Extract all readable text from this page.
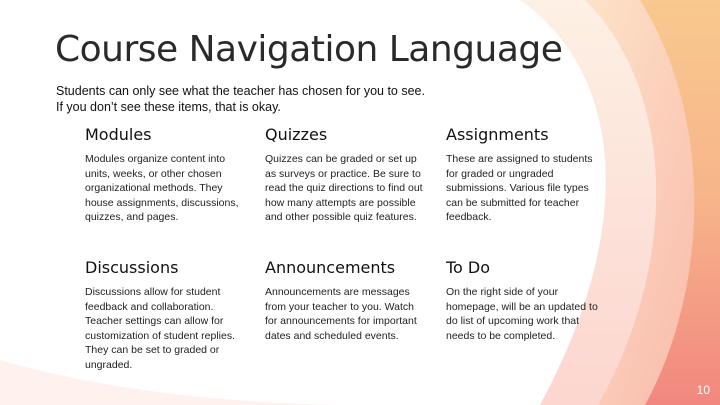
Course Navigation Language
Students can only see what the teacher has chosen for you to see.
If you don’t see these items, that is okay.
Modules

Modules organize content into units, weeks, or other chosen organizational methods. They house assignments, discussions, quizzes, and pages.

Quizzes

Quizzes can be graded or set up as surveys or practice. Be sure to read the quiz directions to find out how many attempts are possible and other possible quiz features.

Assignments

These are assigned to students for graded or ungraded submissions. Various file types can be submitted for teacher feedback.

Discussions

Discussions allow for student feedback and collaboration. Teacher settings can allow for customization of student replies. They can be set to graded or ungraded.

Announcements

Announcements are messages from your teacher to you. Watch for announcements for important dates and scheduled events.

To Do

On the right side of your homepage, will be an updated to do list of upcoming work that needs to be completed.

10
